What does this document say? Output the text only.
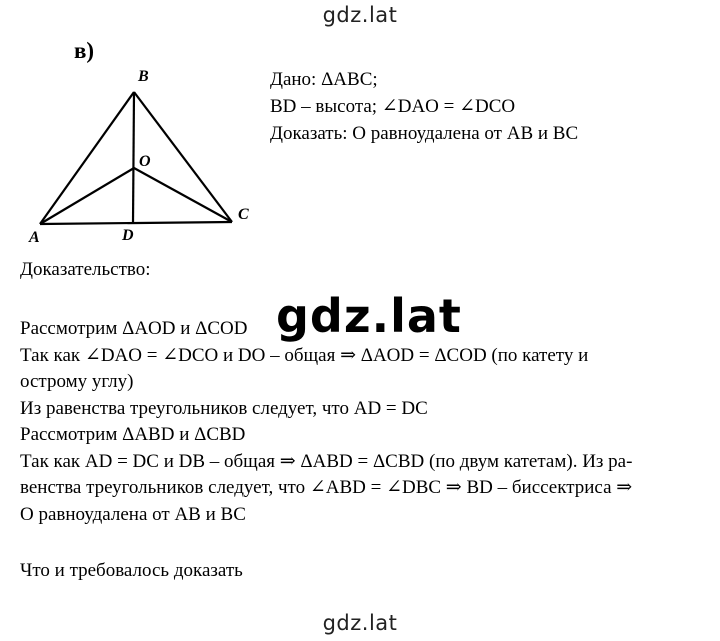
gdz.lat
в)
B
O
C
A	D
Дано: ΔABC;
BD – высота; ∠DAO = ∠DCO
Доказать: O равноудалена от AB и BC
Доказательство:
gdz.lat
Рассмотрим ΔAOD и ΔCOD
Так как ∠DAO = ∠DCO и DO – общая ⇒ ΔAOD = ΔCOD (по катету и
острому углу)
Из равенства треугольников следует, что AD = DC
Рассмотрим ΔABD и ΔCBD
Так как AD = DC и DB – общая ⇒ ΔABD = ΔCBD (по двум катетам). Из ра-
венства треугольников следует, что ∠ABD = ∠DBC ⇒ BD – биссектриса ⇒
O равноудалена от AB и BC
Что и требовалось доказать
gdz.lat
